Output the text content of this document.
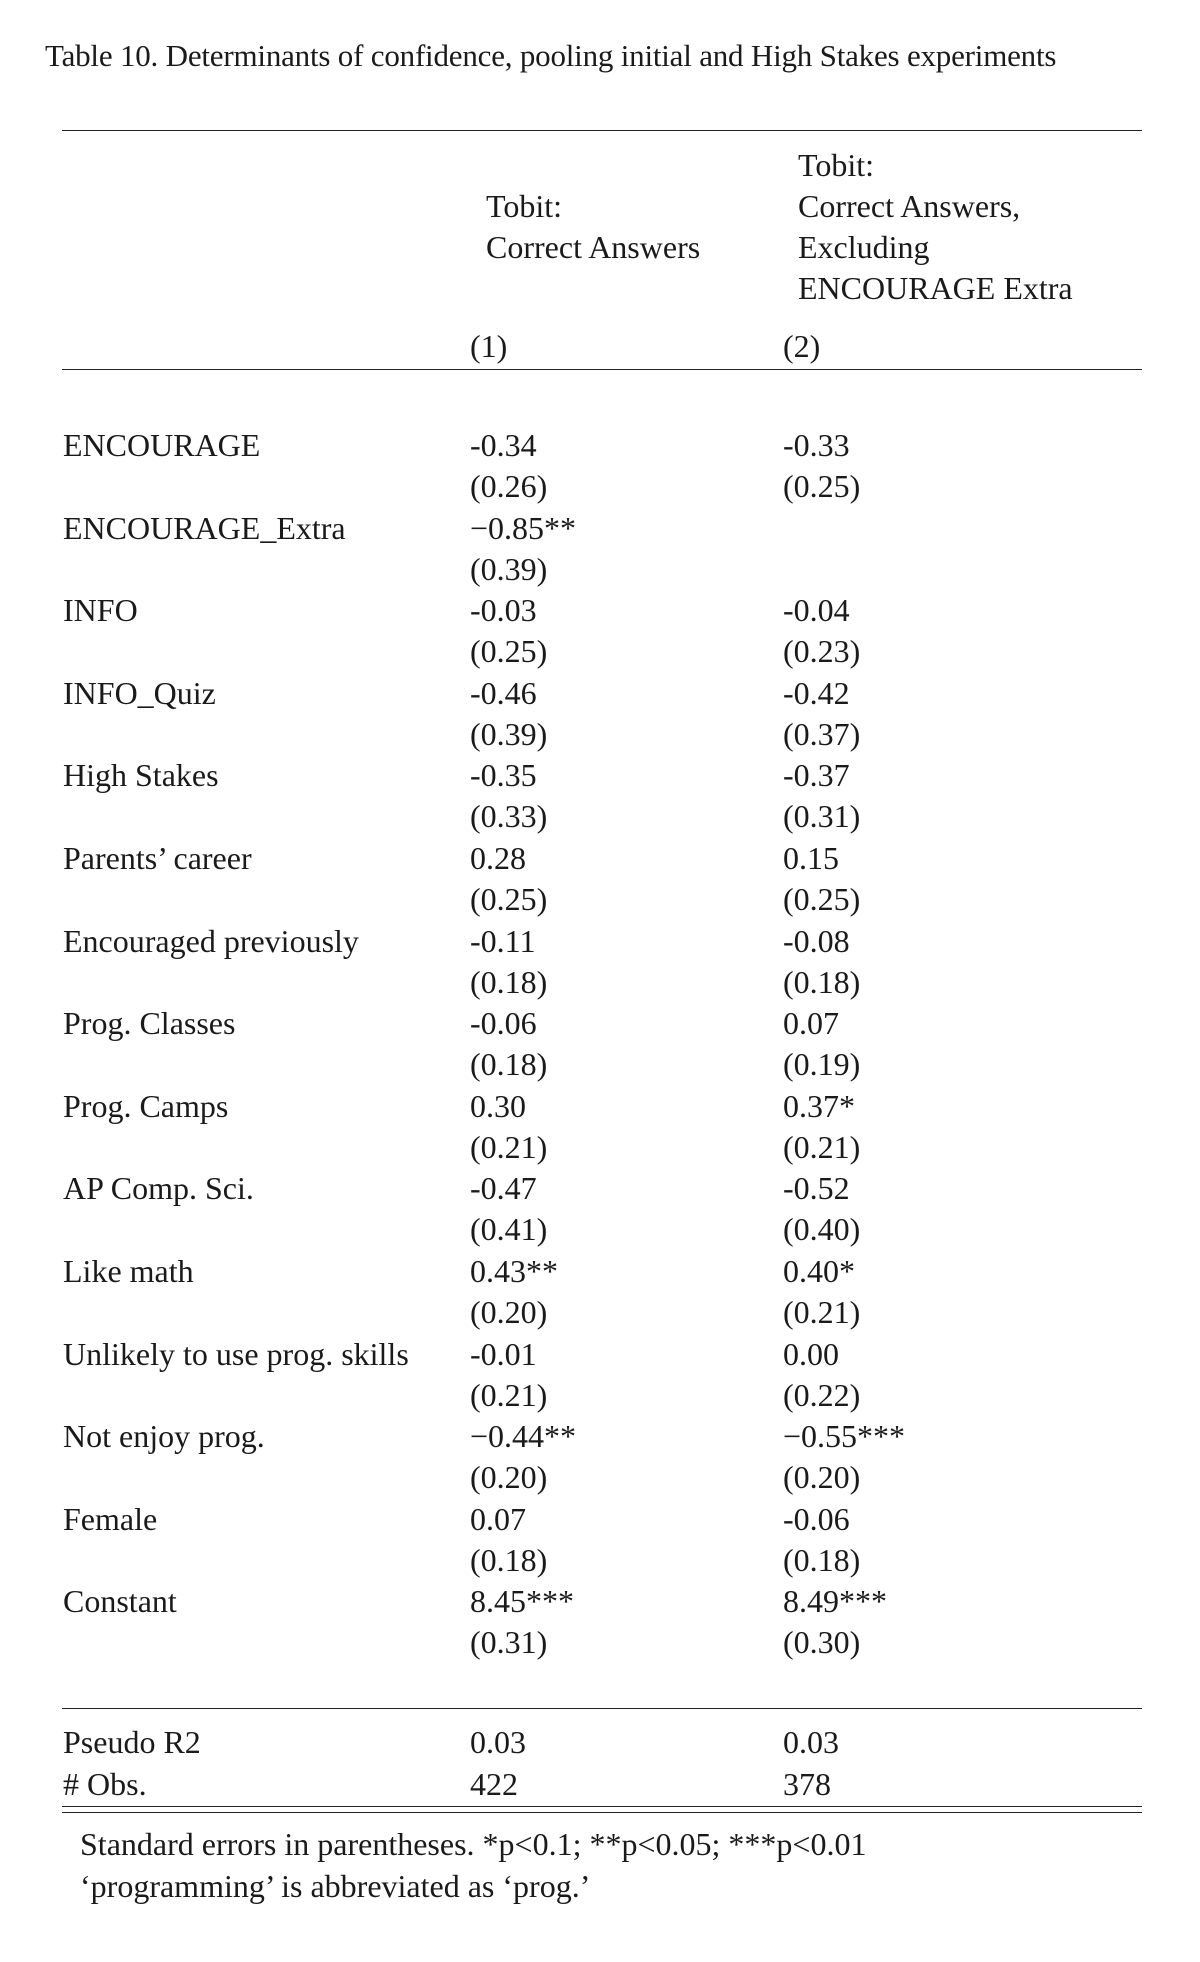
Table 10. Determinants of confidence, pooling initial and High Stakes experiments
Tobit:
Correct Answers
Tobit:
Correct Answers,
Excluding
ENCOURAGE Extra
(1)	(2)
ENCOURAGE	-0.34	-0.33
(0.26)	(0.25)
ENCOURAGE_Extra	−0.85**
(0.39)
INFO	-0.03	-0.04
(0.25)	(0.23)
INFO_Quiz	-0.46	-0.42
(0.39)	(0.37)
High Stakes	-0.35	-0.37
(0.33)	(0.31)
Parents’ career	0.28	0.15
(0.25)	(0.25)
Encouraged previously	-0.11	-0.08
(0.18)	(0.18)
Prog. Classes	-0.06	0.07
(0.18)	(0.19)
Prog. Camps	0.30	0.37*
(0.21)	(0.21)
AP Comp. Sci.	-0.47	-0.52
(0.41)	(0.40)
Like math	0.43**	0.40*
(0.20)	(0.21)
Unlikely to use prog. skills -0.01	0.00
(0.21)	(0.22)
Not enjoy prog.	−0.44**	−0.55***
(0.20)	(0.20)
Female	0.07	-0.06
(0.18)	(0.18)
Constant	8.45***	8.49***
(0.31)	(0.30)
Pseudo R2	0.03	0.03
# Obs.	422	378
Standard errors in parentheses. *p<0.1; **p<0.05; ***p<0.01
‘programming’ is abbreviated as ‘prog.’
